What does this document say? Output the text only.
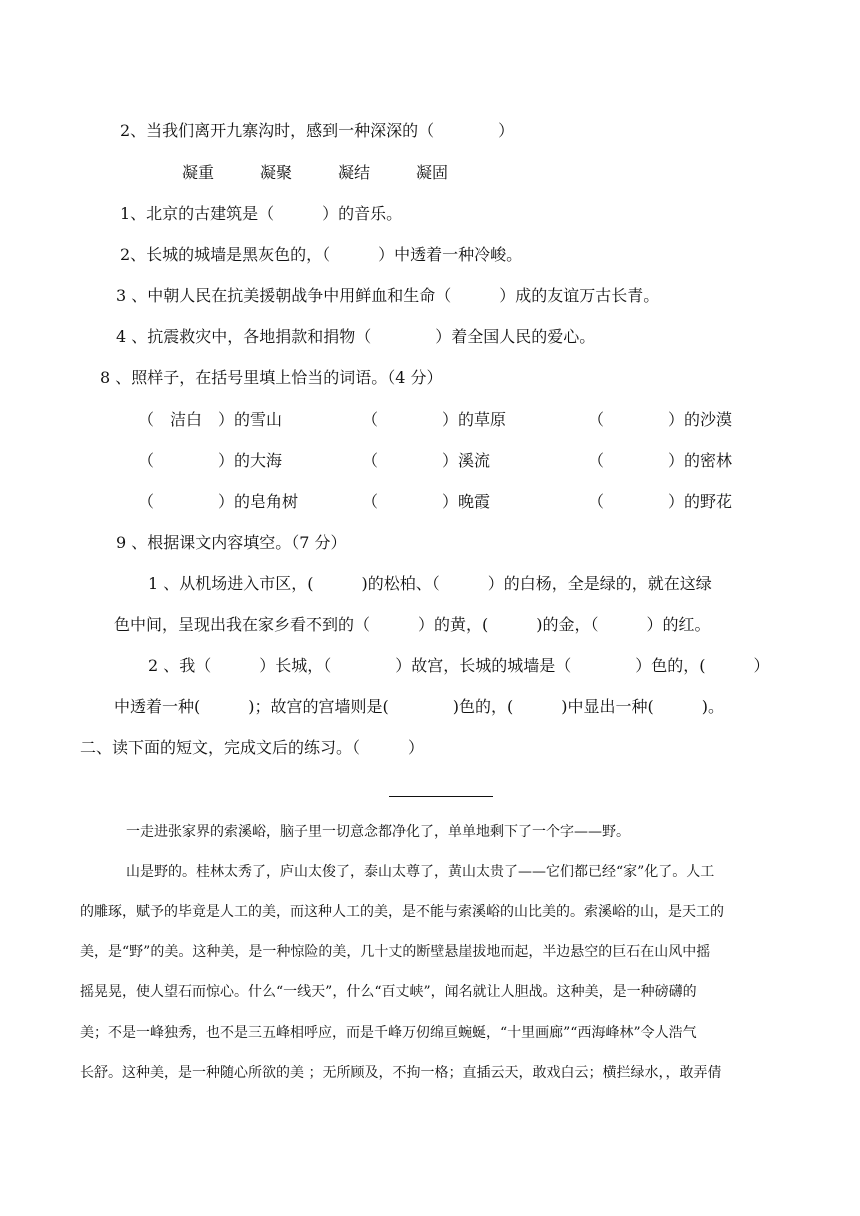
2、当我们离开九寨沟时，感到一种深深的（　　　　）
凝重	凝聚	凝结	凝固
1、北京的古建筑是（　　　）的音乐。
2、长城的城墙是黑灰色的，（　　　）中透着一种冷峻。
3 、中朝人民在抗美援朝战争中用鲜血和生命（　　　）成的友谊万古长青。
4 、抗震救灾中，各地捐款和捐物（　　　　）着全国人民的爱心。
8 、照样子，在括号里填上恰当的词语。（4 分）
（　洁白　）的雪山	（　　　　）的草原	（　　　　）的沙漠
（　　　　）的大海	（　　　　）溪流	（　　　　）的密林
（　　　　）的皂角树	（　　　　）晚霞	（　　　　）的野花
9 、根据课文内容填空。（7 分）
1 、从机场进入市区，(　　　)的松柏、（　　　）的白杨，全是绿的，就在这绿
色中间，呈现出我在家乡看不到的（　　　）的黄，(　　　)的金，（　　　）的红。
2 、我（　　　）长城，（　　　　）故宫，长城的城墙是（　　　　）色的，(　　　）
中透着一种(　　　)；故宫的宫墙则是(　　　　)色的，(　　　)中显出一种(　　　)。
二、读下面的短文，完成文后的练习。（　　　）
一走进张家界的索溪峪，脑子里一切意念都净化了，单单地剩下了一个字——野。
山是野的。桂林太秀了，庐山太俊了，泰山太尊了，黄山太贵了——它们都已经“家”化了。人工
的雕琢，赋予的毕竟是人工的美，而这种人工的美，是不能与索溪峪的山比美的。索溪峪的山，是天工的
美，是“野”的美。这种美，是一种惊险的美，几十丈的断壁悬崖拔地而起，半边悬空的巨石在山风中摇
摇晃晃，使人望石而惊心。什么“一线天”，什么“百丈峡”，闻名就让人胆战。这种美，是一种磅礴的
美；不是一峰独秀，也不是三五峰相呼应，而是千峰万仞绵亘蜿蜒，“十里画廊”“西海峰林”令人浩气
长舒。这种美，是一种随心所欲的美 ；无所顾及，不拘一格；直插云天，敢戏白云；横拦绿水，，敢弄倩
